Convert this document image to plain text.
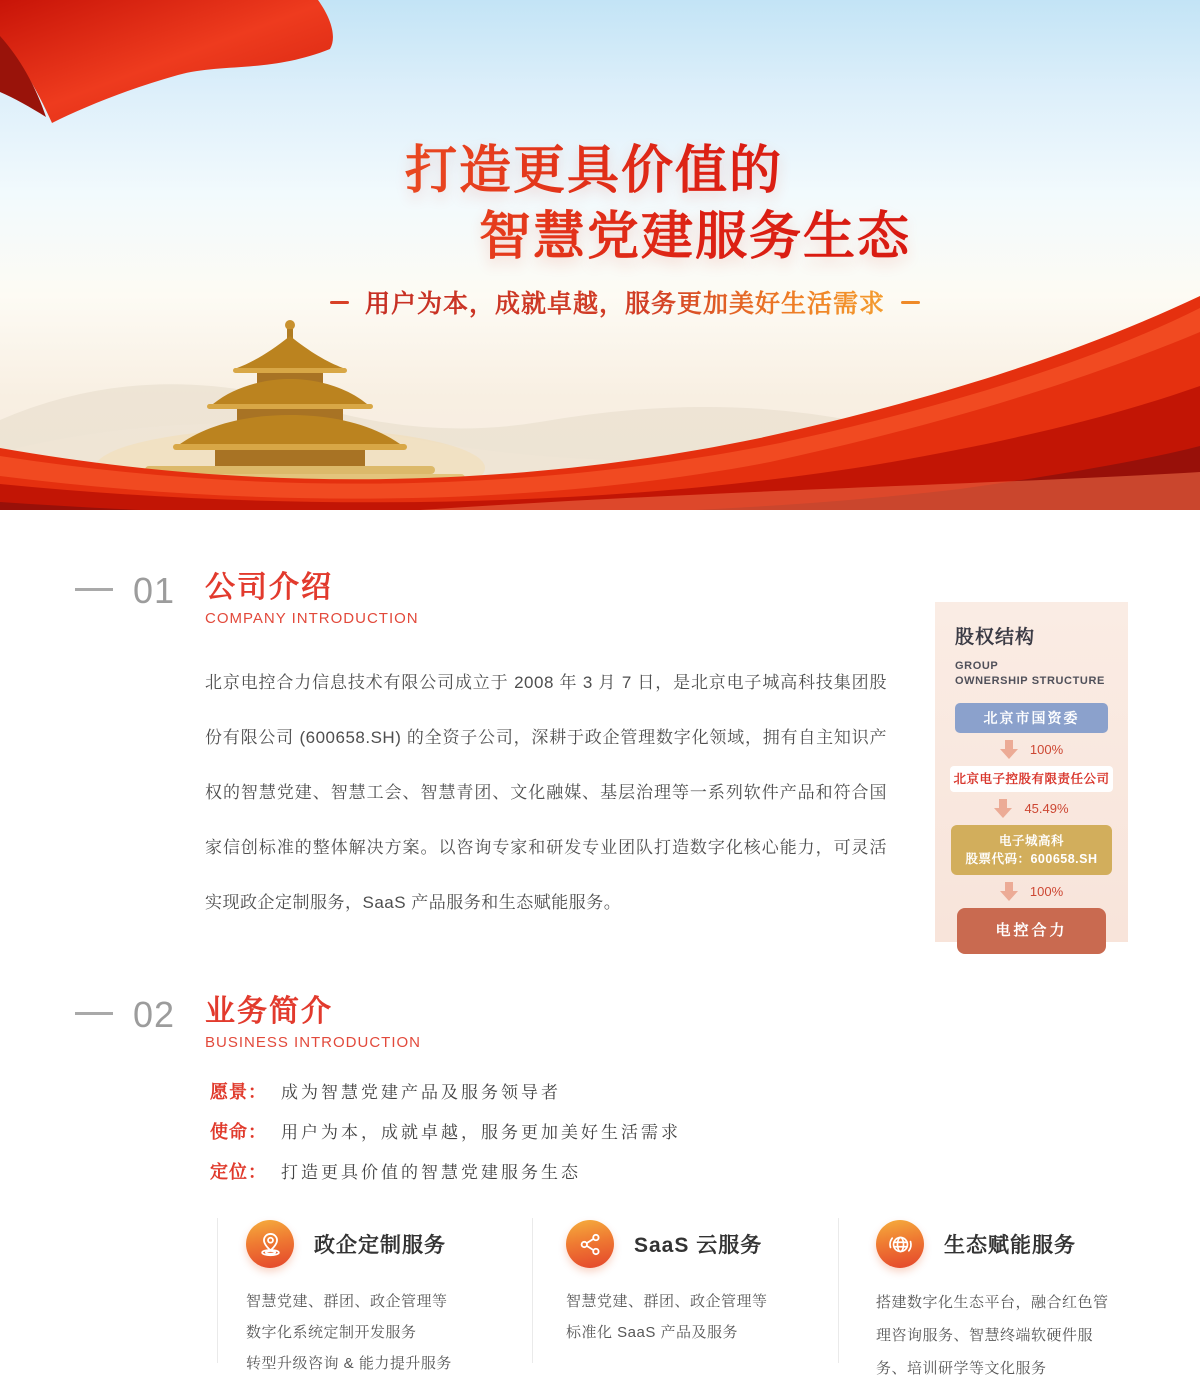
打造更具价值的
智慧党建服务生态
用户为本，成就卓越，服务更加美好生活需求
01 公司介绍
COMPANY INTRODUCTION
北京电控合力信息技术有限公司成立于 2008 年 3 月 7 日，是北京电子城高科技集团股份有限公司 (600658.SH) 的全资子公司，深耕于政企管理数字化领域，拥有自主知识产权的智慧党建、智慧工会、智慧青团、文化融媒、基层治理等一系列软件产品和符合国家信创标准的整体解决方案。以咨询专家和研发专业团队打造数字化核心能力，可灵活实现政企定制服务，SaaS 产品服务和生态赋能服务。
股权结构
GROUP
OWNERSHIP STRUCTURE
北京市国资委
100%
北京电子控股有限责任公司
45.49%
电子城高科
股票代码：600658.SH
100%
电控合力
02 业务简介
BUSINESS INTRODUCTION
愿景： 成为智慧党建产品及服务领导者
使命： 用户为本，成就卓越，服务更加美好生活需求
定位： 打造更具价值的智慧党建服务生态
政企定制服务
智慧党建、群团、政企管理等
数字化系统定制开发服务
转型升级咨询 & 能力提升服务
SaaS 云服务
智慧党建、群团、政企管理等
标准化 SaaS 产品及服务
生态赋能服务
搭建数字化生态平台，融合红色管理咨询服务、智慧终端软硬件服务、培训研学等文化服务
